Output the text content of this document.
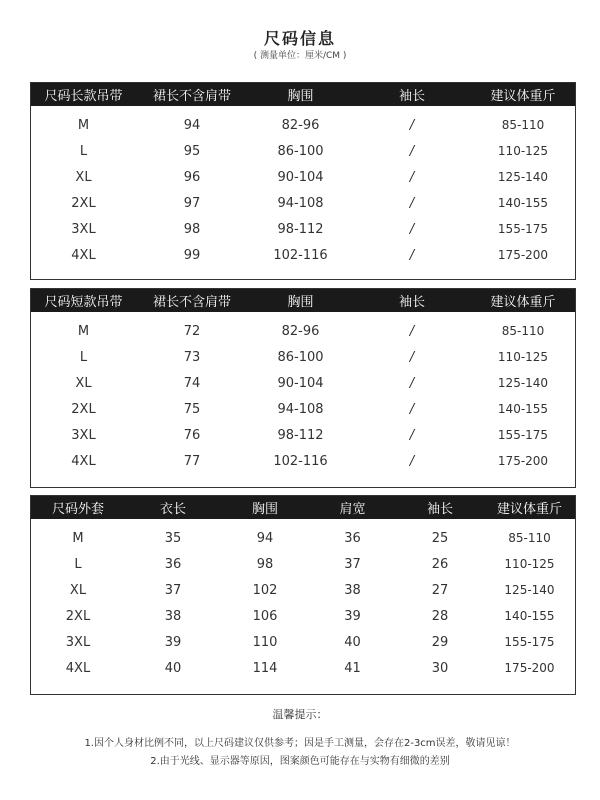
尺码信息
( 测量单位：厘米/CM )
尺码长款吊带	裙长不含肩带	胸围	袖长	建议体重斤
M	94	82-96	/	85-110
L	95	86-100	/	110-125
XL	96	90-104	/	125-140
2XL	97	94-108	/	140-155
3XL	98	98-112	/	155-175
4XL	99	102-116	/	175-200
尺码短款吊带	裙长不含肩带	胸围	袖长	建议体重斤
M	72	82-96	/	85-110
L	73	86-100	/	110-125
XL	74	90-104	/	125-140
2XL	75	94-108	/	140-155
3XL	76	98-112	/	155-175
4XL	77	102-116	/	175-200
尺码外套	衣长	胸围	肩宽	袖长	建议体重斤
M	35	94	36	25	85-110
L	36	98	37	26	110-125
XL	37	102	38	27	125-140
2XL	38	106	39	28	140-155
3XL	39	110	40	29	155-175
4XL	40	114	41	30	175-200
温馨提示：
1.因个人身材比例不同，以上尺码建议仅供参考；因是手工测量，会存在2-3cm误差，敬请见谅！
2.由于光线、显示器等原因，图案颜色可能存在与实物有细微的差别
